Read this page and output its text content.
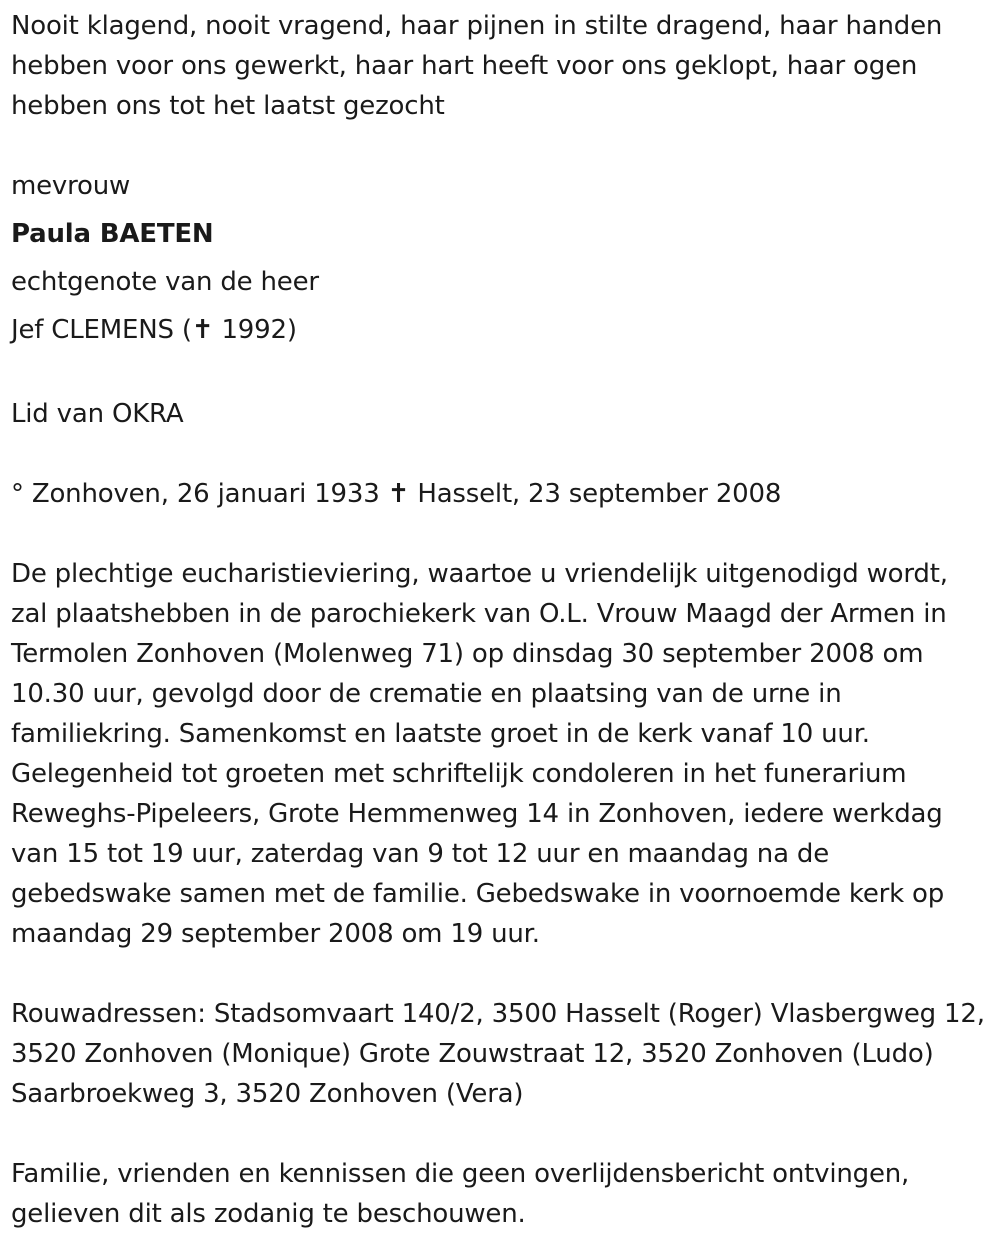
Nooit klagend, nooit vragend, haar pijnen in stilte dragend, haar handen hebben voor ons gewerkt, haar hart heeft voor ons geklopt, haar ogen hebben ons tot het laatst gezocht

mevrouw

Paula BAETEN

echtgenote van de heer

Jef CLEMENS (✝ 1992)

Lid van OKRA

° Zonhoven, 26 januari 1933 ✝ Hasselt, 23 september 2008

De plechtige eucharistieviering, waartoe u vriendelijk uitgenodigd wordt, zal plaatshebben in de parochiekerk van O.L. Vrouw Maagd der Armen in Termolen Zonhoven (Molenweg 71) op dinsdag 30 september 2008 om 10.30 uur, gevolgd door de crematie en plaatsing van de urne in familiekring. Samenkomst en laatste groet in de kerk vanaf 10 uur. Gelegenheid tot groeten met schriftelijk condoleren in het funerarium Reweghs-Pipeleers, Grote Hemmenweg 14 in Zonhoven, iedere werkdag van 15 tot 19 uur, zaterdag van 9 tot 12 uur en maandag na de gebedswake samen met de familie. Gebedswake in voornoemde kerk op maandag 29 september 2008 om 19 uur.

Rouwadressen: Stadsomvaart 140/2, 3500 Hasselt (Roger) Vlasbergweg 12, 3520 Zonhoven (Monique) Grote Zouwstraat 12, 3520 Zonhoven (Ludo) Saarbroekweg 3, 3520 Zonhoven (Vera)

Familie, vrienden en kennissen die geen overlijdensbericht ontvingen, gelieven dit als zodanig te beschouwen.
